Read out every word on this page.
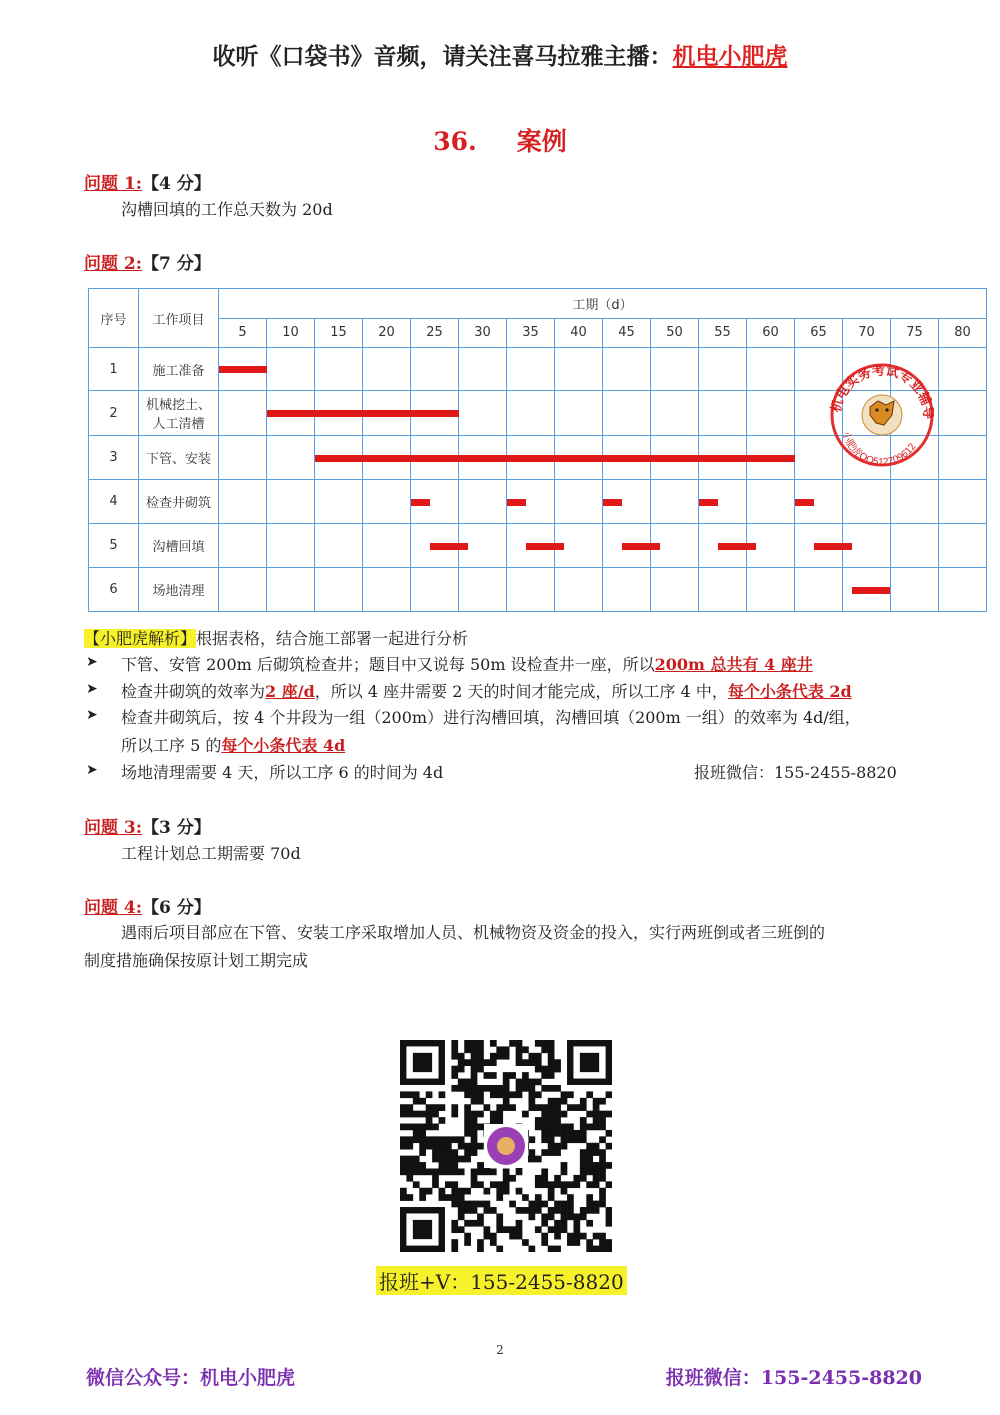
收听《口袋书》音频，请关注喜马拉雅主播：机电小肥虎
36. 案例
问题 1:【4 分】
沟槽回填的工作总天数为 20d
问题 2:【7 分】
序号	工作项目	工期（d）															
		5	10	15	20	25	30	35	40	45	50	55	60	65	70	75	80
1	施工准备																
2	机械挖土、人工清槽																
3	下管、安装																
4	检查井砌筑																
5	沟槽回填																
6	场地清理																
机电实务考试专业辅
小肥虎QQ512709612
【小肥虎解析】根据表格，结合施工部署一起进行分析
➤ 下管、安管 200m 后砌筑检查井；题目中又说每 50m 设检查井一座，所以200m 总共有 4 座井
➤ 检查井砌筑的效率为2 座/d，所以 4 座井需要 2 天的时间才能完成，所以工序 4 中，每个小条代表 2d
➤ 检查井砌筑后，按 4 个井段为一组（200m）进行沟槽回填，沟槽回填（200m 一组）的效率为 4d/组，
所以工序 5 的每个小条代表 4d
➤ 场地清理需要 4 天，所以工序 6 的时间为 4d	报班微信：155-2455-8820
问题 3:【3 分】
工程计划总工期需要 70d
问题 4:【6 分】
遇雨后项目部应在下管、安装工序采取增加人员、机械物资及资金的投入，实行两班倒或者三班倒的
制度措施确保按原计划工期完成
报班+V：155-2455-8820
2
微信公众号：机电小肥虎	报班微信：155-2455-8820
